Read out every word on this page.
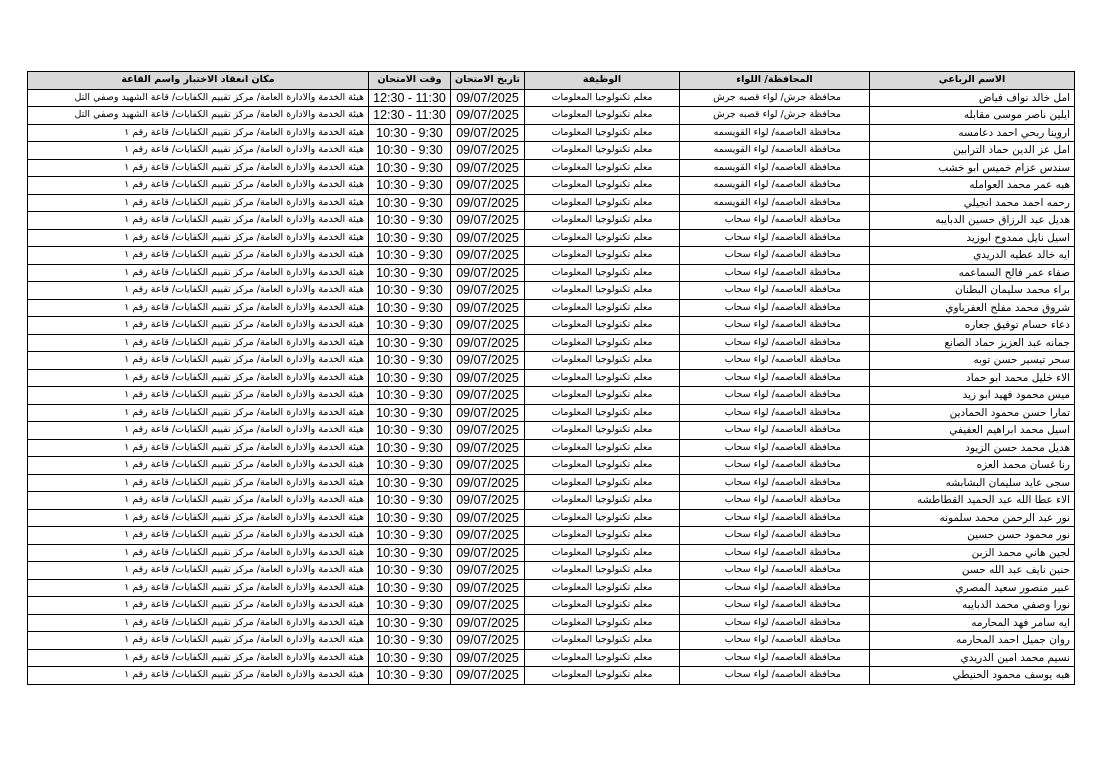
الاسم الرباعي	المحافظة/ اللواء	الوظيفة	تاريخ الامتحان	وقت الامتحان	مكان انعقاد الاختبار واسم القاعة
امل خالد نواف فياض	محافظة جرش/ لواء قصبه جرش	معلم تكنولوجيا المعلومات	09/07/2025	12:30 - 11:30	هيئة الخدمة والادارة العامة/ مركز تقييم الكفايات/ قاعة الشهيد وصفي التل
ايلين ناصر موسى مقابله	محافظة جرش/ لواء قصبه جرش	معلم تكنولوجيا المعلومات	09/07/2025	12:30 - 11:30	هيئة الخدمة والادارة العامة/ مركز تقييم الكفايات/ قاعة الشهيد وصفي التل
اروينا ربحي احمد دعامسه	محافظة العاصمه/ لواء القويسمه	معلم تكنولوجيا المعلومات	09/07/2025	10:30 - 9:30	هيئة الخدمة والادارة العامة/ مركز تقييم الكفايات/ قاعة رقم ١
امل عز الدين حماد الترابين	محافظة العاصمه/ لواء القويسمه	معلم تكنولوجيا المعلومات	09/07/2025	10:30 - 9:30	هيئة الخدمة والادارة العامة/ مركز تقييم الكفايات/ قاعة رقم ١
سندس عزام خميس ابو خشب	محافظة العاصمه/ لواء القويسمه	معلم تكنولوجيا المعلومات	09/07/2025	10:30 - 9:30	هيئة الخدمة والادارة العامة/ مركز تقييم الكفايات/ قاعة رقم ١
هبه عمر محمد العوامله	محافظة العاصمه/ لواء القويسمه	معلم تكنولوجيا المعلومات	09/07/2025	10:30 - 9:30	هيئة الخدمة والادارة العامة/ مركز تقييم الكفايات/ قاعة رقم ١
رحمه احمد محمد انجيلي	محافظة العاصمه/ لواء القويسمه	معلم تكنولوجيا المعلومات	09/07/2025	10:30 - 9:30	هيئة الخدمة والادارة العامة/ مركز تقييم الكفايات/ قاعة رقم ١
هديل عبد الرزاق حسين الدبايبه	محافظة العاصمه/ لواء سحاب	معلم تكنولوجيا المعلومات	09/07/2025	10:30 - 9:30	هيئة الخدمة والادارة العامة/ مركز تقييم الكفايات/ قاعة رقم ١
اسيل نايل ممدوح ابوزيد	محافظة العاصمه/ لواء سحاب	معلم تكنولوجيا المعلومات	09/07/2025	10:30 - 9:30	هيئة الخدمة والادارة العامة/ مركز تقييم الكفايات/ قاعة رقم ١
ايه خالد عطيه الدريدي	محافظة العاصمه/ لواء سحاب	معلم تكنولوجيا المعلومات	09/07/2025	10:30 - 9:30	هيئة الخدمة والادارة العامة/ مركز تقييم الكفايات/ قاعة رقم ١
صفاء عمر فالح السماعمه	محافظة العاصمه/ لواء سحاب	معلم تكنولوجيا المعلومات	09/07/2025	10:30 - 9:30	هيئة الخدمة والادارة العامة/ مركز تقييم الكفايات/ قاعة رقم ١
براء محمد سليمان البطنان	محافظة العاصمه/ لواء سحاب	معلم تكنولوجيا المعلومات	09/07/2025	10:30 - 9:30	هيئة الخدمة والادارة العامة/ مركز تقييم الكفايات/ قاعة رقم ١
شروق محمد مفلح العفرباوي	محافظة العاصمه/ لواء سحاب	معلم تكنولوجيا المعلومات	09/07/2025	10:30 - 9:30	هيئة الخدمة والادارة العامة/ مركز تقييم الكفايات/ قاعة رقم ١
دعاء حسام توفيق جعاره	محافظة العاصمه/ لواء سحاب	معلم تكنولوجيا المعلومات	09/07/2025	10:30 - 9:30	هيئة الخدمة والادارة العامة/ مركز تقييم الكفايات/ قاعة رقم ١
جمانه عبد العزيز حماد الصانع	محافظة العاصمه/ لواء سحاب	معلم تكنولوجيا المعلومات	09/07/2025	10:30 - 9:30	هيئة الخدمة والادارة العامة/ مركز تقييم الكفايات/ قاعة رقم ١
سحر تيسير حسن توبه	محافظة العاصمه/ لواء سحاب	معلم تكنولوجيا المعلومات	09/07/2025	10:30 - 9:30	هيئة الخدمة والادارة العامة/ مركز تقييم الكفايات/ قاعة رقم ١
الاء خليل محمد ابو حماد	محافظة العاصمه/ لواء سحاب	معلم تكنولوجيا المعلومات	09/07/2025	10:30 - 9:30	هيئة الخدمة والادارة العامة/ مركز تقييم الكفايات/ قاعة رقم ١
ميس محمود فهيد ابو زيد	محافظة العاصمه/ لواء سحاب	معلم تكنولوجيا المعلومات	09/07/2025	10:30 - 9:30	هيئة الخدمة والادارة العامة/ مركز تقييم الكفايات/ قاعة رقم ١
تمارا حسن محمود الحمادين	محافظة العاصمه/ لواء سحاب	معلم تكنولوجيا المعلومات	09/07/2025	10:30 - 9:30	هيئة الخدمة والادارة العامة/ مركز تقييم الكفايات/ قاعة رقم ١
اسيل محمد ابراهيم العفيفي	محافظة العاصمه/ لواء سحاب	معلم تكنولوجيا المعلومات	09/07/2025	10:30 - 9:30	هيئة الخدمة والادارة العامة/ مركز تقييم الكفايات/ قاعة رقم ١
هديل محمد حسن الزيود	محافظة العاصمه/ لواء سحاب	معلم تكنولوجيا المعلومات	09/07/2025	10:30 - 9:30	هيئة الخدمة والادارة العامة/ مركز تقييم الكفايات/ قاعة رقم ١
رنا غسان محمد العزه	محافظة العاصمه/ لواء سحاب	معلم تكنولوجيا المعلومات	09/07/2025	10:30 - 9:30	هيئة الخدمة والادارة العامة/ مركز تقييم الكفايات/ قاعة رقم ١
سجى عايد سليمان البشابشه	محافظة العاصمه/ لواء سحاب	معلم تكنولوجيا المعلومات	09/07/2025	10:30 - 9:30	هيئة الخدمة والادارة العامة/ مركز تقييم الكفايات/ قاعة رقم ١
الاء عطا الله عبد الحميد القطاطشه	محافظة العاصمه/ لواء سحاب	معلم تكنولوجيا المعلومات	09/07/2025	10:30 - 9:30	هيئة الخدمة والادارة العامة/ مركز تقييم الكفايات/ قاعة رقم ١
نور عبد الرحمن محمد سلمونه	محافظة العاصمه/ لواء سحاب	معلم تكنولوجيا المعلومات	09/07/2025	10:30 - 9:30	هيئة الخدمة والادارة العامة/ مركز تقييم الكفايات/ قاعة رقم ١
نور محمود حسن حسين	محافظة العاصمه/ لواء سحاب	معلم تكنولوجيا المعلومات	09/07/2025	10:30 - 9:30	هيئة الخدمة والادارة العامة/ مركز تقييم الكفايات/ قاعة رقم ١
لجين هاني محمد الزبن	محافظة العاصمه/ لواء سحاب	معلم تكنولوجيا المعلومات	09/07/2025	10:30 - 9:30	هيئة الخدمة والادارة العامة/ مركز تقييم الكفايات/ قاعة رقم ١
حنين نايف عبد الله حسن	محافظة العاصمه/ لواء سحاب	معلم تكنولوجيا المعلومات	09/07/2025	10:30 - 9:30	هيئة الخدمة والادارة العامة/ مركز تقييم الكفايات/ قاعة رقم ١
عبير منصور سعيد المصري	محافظة العاصمه/ لواء سحاب	معلم تكنولوجيا المعلومات	09/07/2025	10:30 - 9:30	هيئة الخدمة والادارة العامة/ مركز تقييم الكفايات/ قاعة رقم ١
نورا وصفي محمد الدبايبه	محافظة العاصمه/ لواء سحاب	معلم تكنولوجيا المعلومات	09/07/2025	10:30 - 9:30	هيئة الخدمة والادارة العامة/ مركز تقييم الكفايات/ قاعة رقم ١
ايه سامر فهد المحارمه	محافظة العاصمه/ لواء سحاب	معلم تكنولوجيا المعلومات	09/07/2025	10:30 - 9:30	هيئة الخدمة والادارة العامة/ مركز تقييم الكفايات/ قاعة رقم ١
روان جميل احمد المحارمه	محافظة العاصمه/ لواء سحاب	معلم تكنولوجيا المعلومات	09/07/2025	10:30 - 9:30	هيئة الخدمة والادارة العامة/ مركز تقييم الكفايات/ قاعة رقم ١
نسيم محمد امين الدريدي	محافظة العاصمه/ لواء سحاب	معلم تكنولوجيا المعلومات	09/07/2025	10:30 - 9:30	هيئة الخدمة والادارة العامة/ مركز تقييم الكفايات/ قاعة رقم ١
هبه يوسف محمود الحنيطي	محافظة العاصمه/ لواء سحاب	معلم تكنولوجيا المعلومات	09/07/2025	10:30 - 9:30	هيئة الخدمة والادارة العامة/ مركز تقييم الكفايات/ قاعة رقم ١
